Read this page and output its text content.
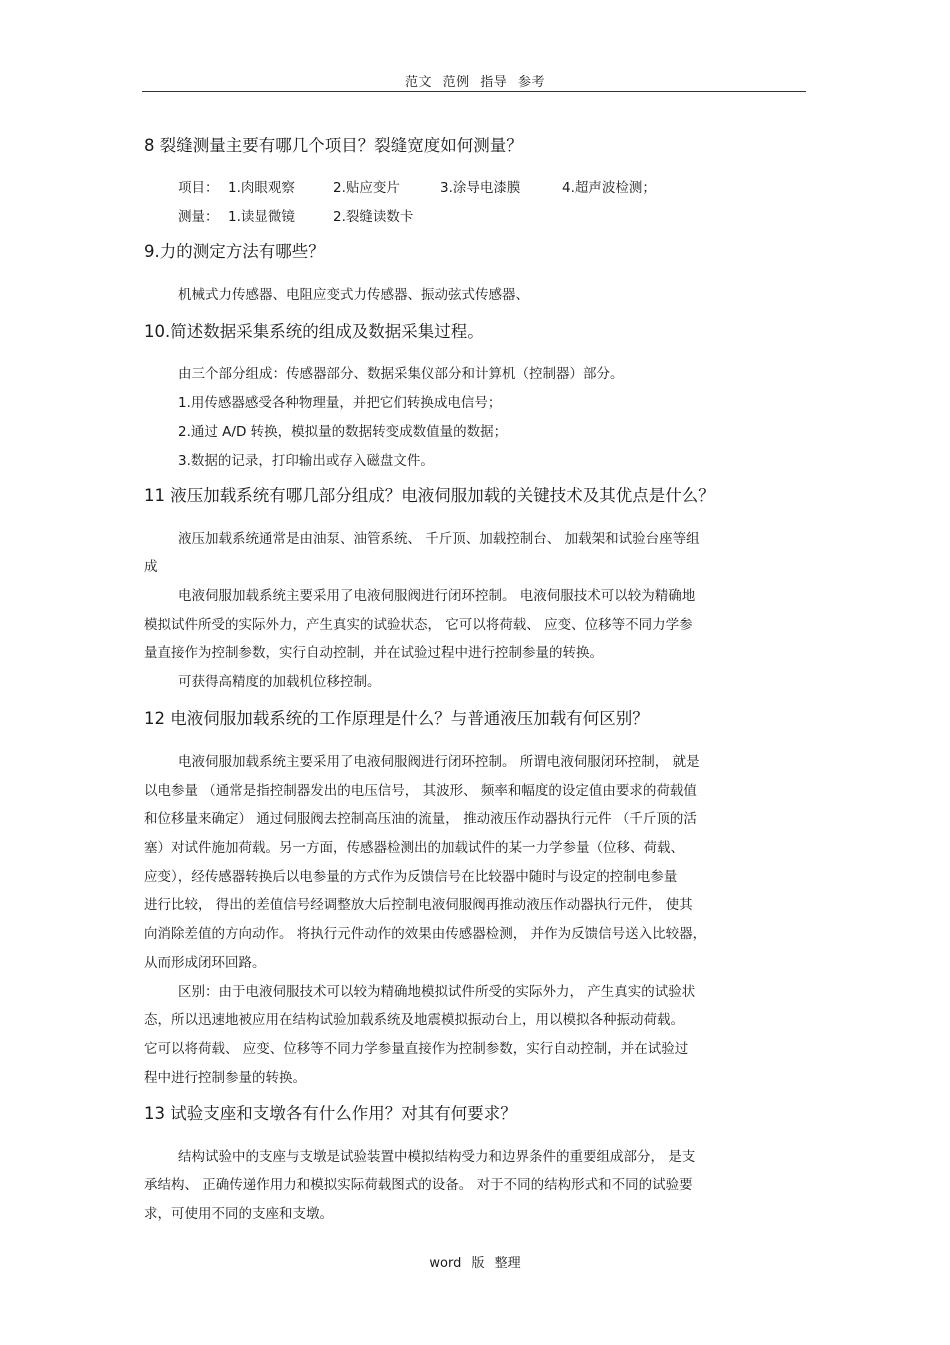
范文 范例 指导 参考
8 裂缝测量主要有哪几个项目？裂缝宽度如何测量？
项目： 1.肉眼观察	2.贴应变片	3.涂导电漆膜	4.超声波检测；
测量： 1.读显微镜	2.裂缝读数卡
9.力的测定方法有哪些？
机械式力传感器、电阻应变式力传感器、振动弦式传感器、
10.简述数据采集系统的组成及数据采集过程。
由三个部分组成：传感器部分、数据采集仪部分和计算机（控制器）部分。
1.用传感器感受各种物理量，并把它们转换成电信号；
2.通过 A/D 转换，模拟量的数据转变成数值量的数据；
3.数据的记录，打印输出或存入磁盘文件。
11 液压加载系统有哪几部分组成？电液伺服加载的关键技术及其优点是什么？
液压加载系统通常是由油泵、油管系统、 千斤顶、加载控制台、 加载架和试验台座等组
成
电液伺服加载系统主要采用了电液伺服阀进行闭环控制。 电液伺服技术可以较为精确地
模拟试件所受的实际外力，产生真实的试验状态， 它可以将荷载、 应变、位移等不同力学参
量直接作为控制参数，实行自动控制，并在试验过程中进行控制参量的转换。
可获得高精度的加载机位移控制。
12 电液伺服加载系统的工作原理是什么？与普通液压加载有何区别？
电液伺服加载系统主要采用了电液伺服阀进行闭环控制。 所谓电液伺服闭环控制， 就是
以电参量 （通常是指控制器发出的电压信号， 其波形、 频率和幅度的设定值由要求的荷载值
和位移量来确定） 通过伺服阀去控制高压油的流量， 推动液压作动器执行元件 （千斤顶的活
塞）对试件施加荷载。另一方面，传感器检测出的加载试件的某一力学参量（位移、荷载、
应变），经传感器转换后以电参量的方式作为反馈信号在比较器中随时与设定的控制电参量
进行比较， 得出的差值信号经调整放大后控制电液伺服阀再推动液压作动器执行元件， 使其
向消除差值的方向动作。 将执行元件动作的效果由传感器检测， 并作为反馈信号送入比较器，
从而形成闭环回路。
区别：由于电液伺服技术可以较为精确地模拟试件所受的实际外力， 产生真实的试验状
态，所以迅速地被应用在结构试验加载系统及地震模拟振动台上，用以模拟各种振动荷载。
它可以将荷载、 应变、位移等不同力学参量直接作为控制参数，实行自动控制，并在试验过
程中进行控制参量的转换。
13 试验支座和支墩各有什么作用？对其有何要求？
结构试验中的支座与支墩是试验装置中模拟结构受力和边界条件的重要组成部分， 是支
承结构、 正确传递作用力和模拟实际荷载图式的设备。 对于不同的结构形式和不同的试验要
求，可使用不同的支座和支墩。
word 版 整理
